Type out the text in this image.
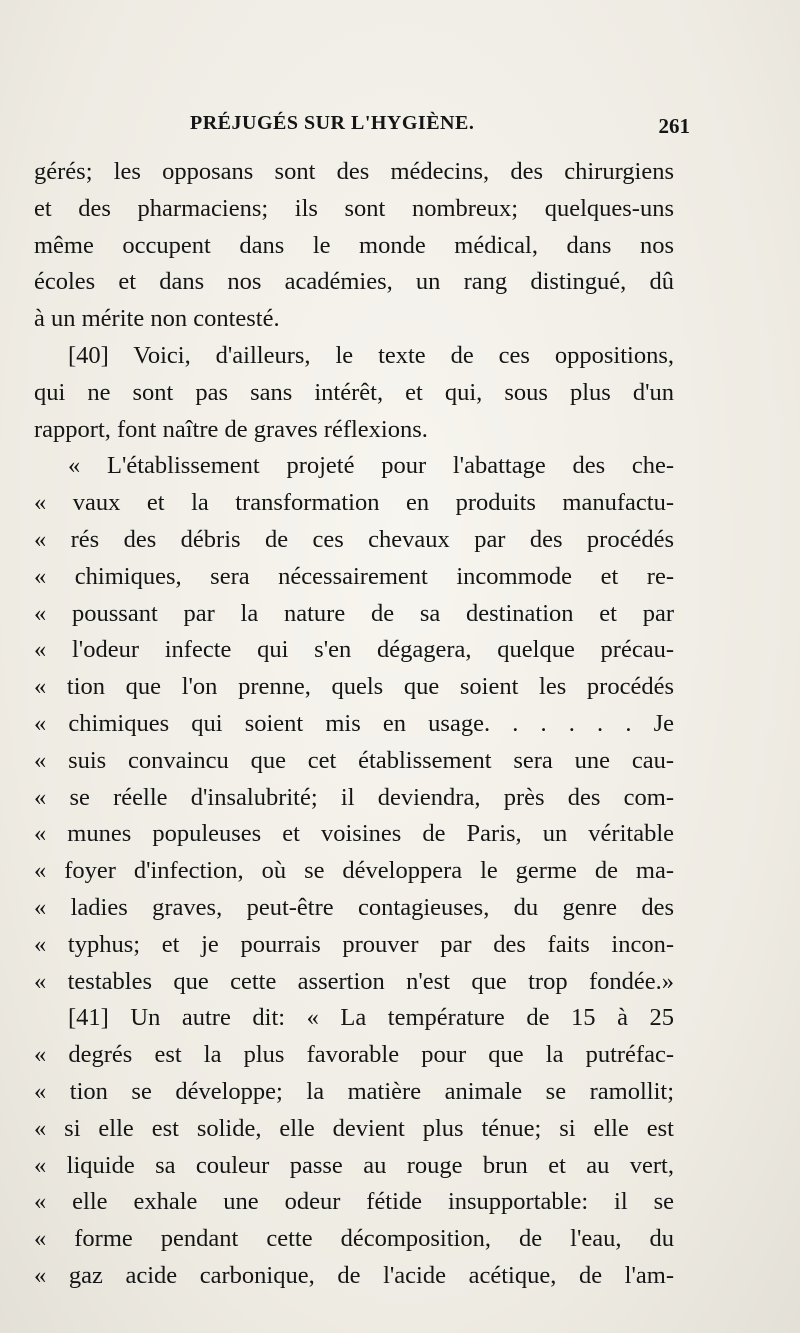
PRÉJUGÉS SUR L'HYGIÈNE.	261
gérés; les opposans sont des médecins, des chirurgiens
et des pharmaciens; ils sont nombreux; quelques-uns
même occupent dans le monde médical, dans nos
écoles et dans nos académies, un rang distingué, dû
à un mérite non contesté.
[40] Voici, d'ailleurs, le texte de ces oppositions,
qui ne sont pas sans intérêt, et qui, sous plus d'un
rapport, font naître de graves réflexions.
« L'établissement projeté pour l'abattage des che-
« vaux et la transformation en produits manufactu-
« rés des débris de ces chevaux par des procédés
« chimiques, sera nécessairement incommode et re-
« poussant par la nature de sa destination et par
« l'odeur infecte qui s'en dégagera, quelque précau-
« tion que l'on prenne, quels que soient les procédés
« chimiques qui soient mis en usage. . . . . . Je
« suis convaincu que cet établissement sera une cau-
« se réelle d'insalubrité; il deviendra, près des com-
« munes populeuses et voisines de Paris, un véritable
« foyer d'infection, où se développera le germe de ma-
« ladies graves, peut-être contagieuses, du genre des
« typhus; et je pourrais prouver par des faits incon-
« testables que cette assertion n'est que trop fondée.»
[41] Un autre dit: « La température de 15 à 25
« degrés est la plus favorable pour que la putréfac-
« tion se développe; la matière animale se ramollit;
« si elle est solide, elle devient plus ténue; si elle est
« liquide sa couleur passe au rouge brun et au vert,
« elle exhale une odeur fétide insupportable: il se
« forme pendant cette décomposition, de l'eau, du
« gaz acide carbonique, de l'acide acétique, de l'am-
